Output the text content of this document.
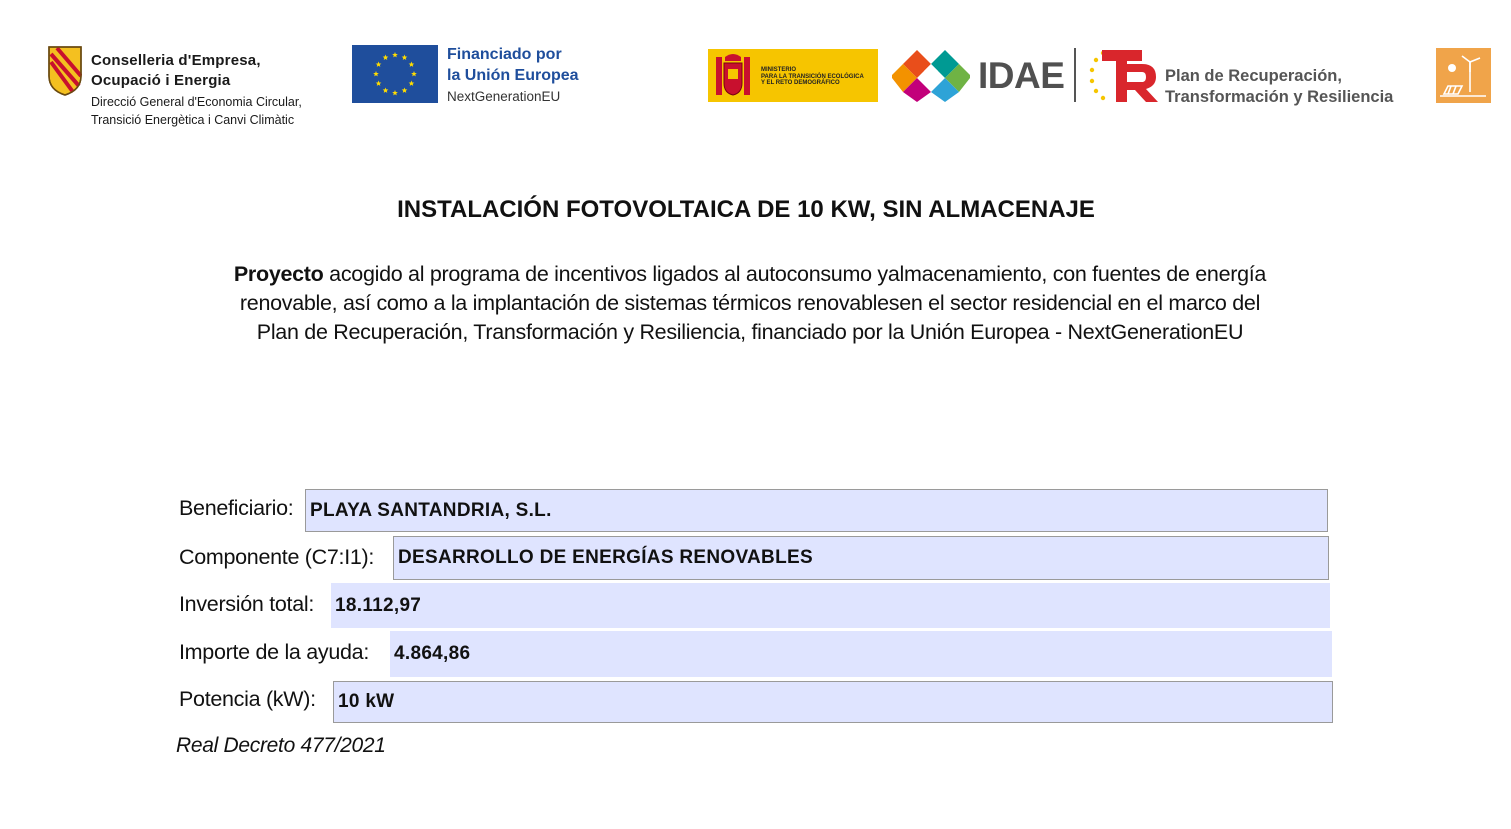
Conselleria d'Empresa,
Ocupació i Energia
Direcció General d'Economia Circular,
Transició Energètica i Canvi Climàtic
Financiado por
la Unión Europea
NextGenerationEU
MINISTERIO
PARA LA TRANSICIÓN ECOLÓGICA
Y EL RETO DEMOGRÁFICO	IDAE	Plan de Recuperación,
Transformación y Resiliencia
INSTALACIÓN FOTOVOLTAICA DE 10 KW, SIN ALMACENAJE
Proyecto acogido al programa de incentivos ligados al autoconsumo yalmacenamiento, con fuentes de energía
renovable, así como a la implantación de sistemas térmicos renovablesen el sector residencial en el marco del
Plan de Recuperación, Transformación y Resiliencia, financiado por la Unión Europea - NextGenerationEU
Beneficiario: PLAYA SANTANDRIA, S.L.
Componente (C7:I1): DESARROLLO DE ENERGÍAS RENOVABLES
Inversión total: 18.112,97
Importe de la ayuda: 4.864,86
Potencia (kW): 10 kW
Real Decreto 477/2021
